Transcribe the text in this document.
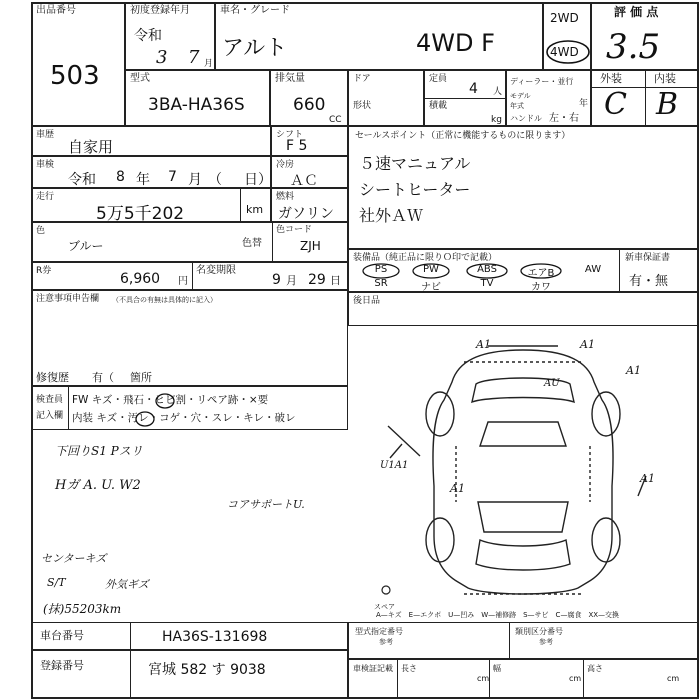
出品番号
503
初度登録年月
令和
3 7 月
車名・グレード
アルト	4WD F
2WD
4WD
評 価 点
3.5
型式
3BA-HA36S
排気量
660
CC
ドア
形状
定員
4 人
積載
kg
ディーラー・並行
モデル 年式	年
ハンドル 左・右
外装	内装
C B
車歴
自家用
シフト
F 5
車検
令和 8 年 7 月 （ 日）
冷房
ＡＣ
走行
5万5千202	km
燃料
ガソリン
色
ブルー	色替
色コード
ZJH
R券	6,960 円
名変期限
9 月 29 日
注意事項申告欄 （不具合の有無は具体的に記入）
修復歴 有（ 箇所
検査員
記入欄
FW キズ・飛石・ヒビ割・リペア跡・×要
内装 キズ・汚レ・コゲ・穴・スレ・キレ・破レ
下回りS1 Pスリ
Hガ A. U. W2
コアサポートU.
センターキズ
S/T	外気ギズ
(抹)55203km
セールスポイント（正常に機能するものに限ります）
５速マニュアル
シートヒーター
社外ＡＷ
装備品（純正品に限りＯ印で記載）	新車保証書
有・無
PS	PW	ABS	エアB	AW
SR	ナビ	TV	カワ
後日品
A1	A1
AU
A1
U1A1
A1
A1
スペア
A—キズ　E—エクボ　U—凹み　W—補修跡　S—サビ　C—腐食　XX—交換
車台番号	HA36S-131698
登録番号	宮城 582 す 9038
型式指定番号
参考
類別区分番号
参考
車検証記載 長さ
cm
幅
cm
高さ
cm
